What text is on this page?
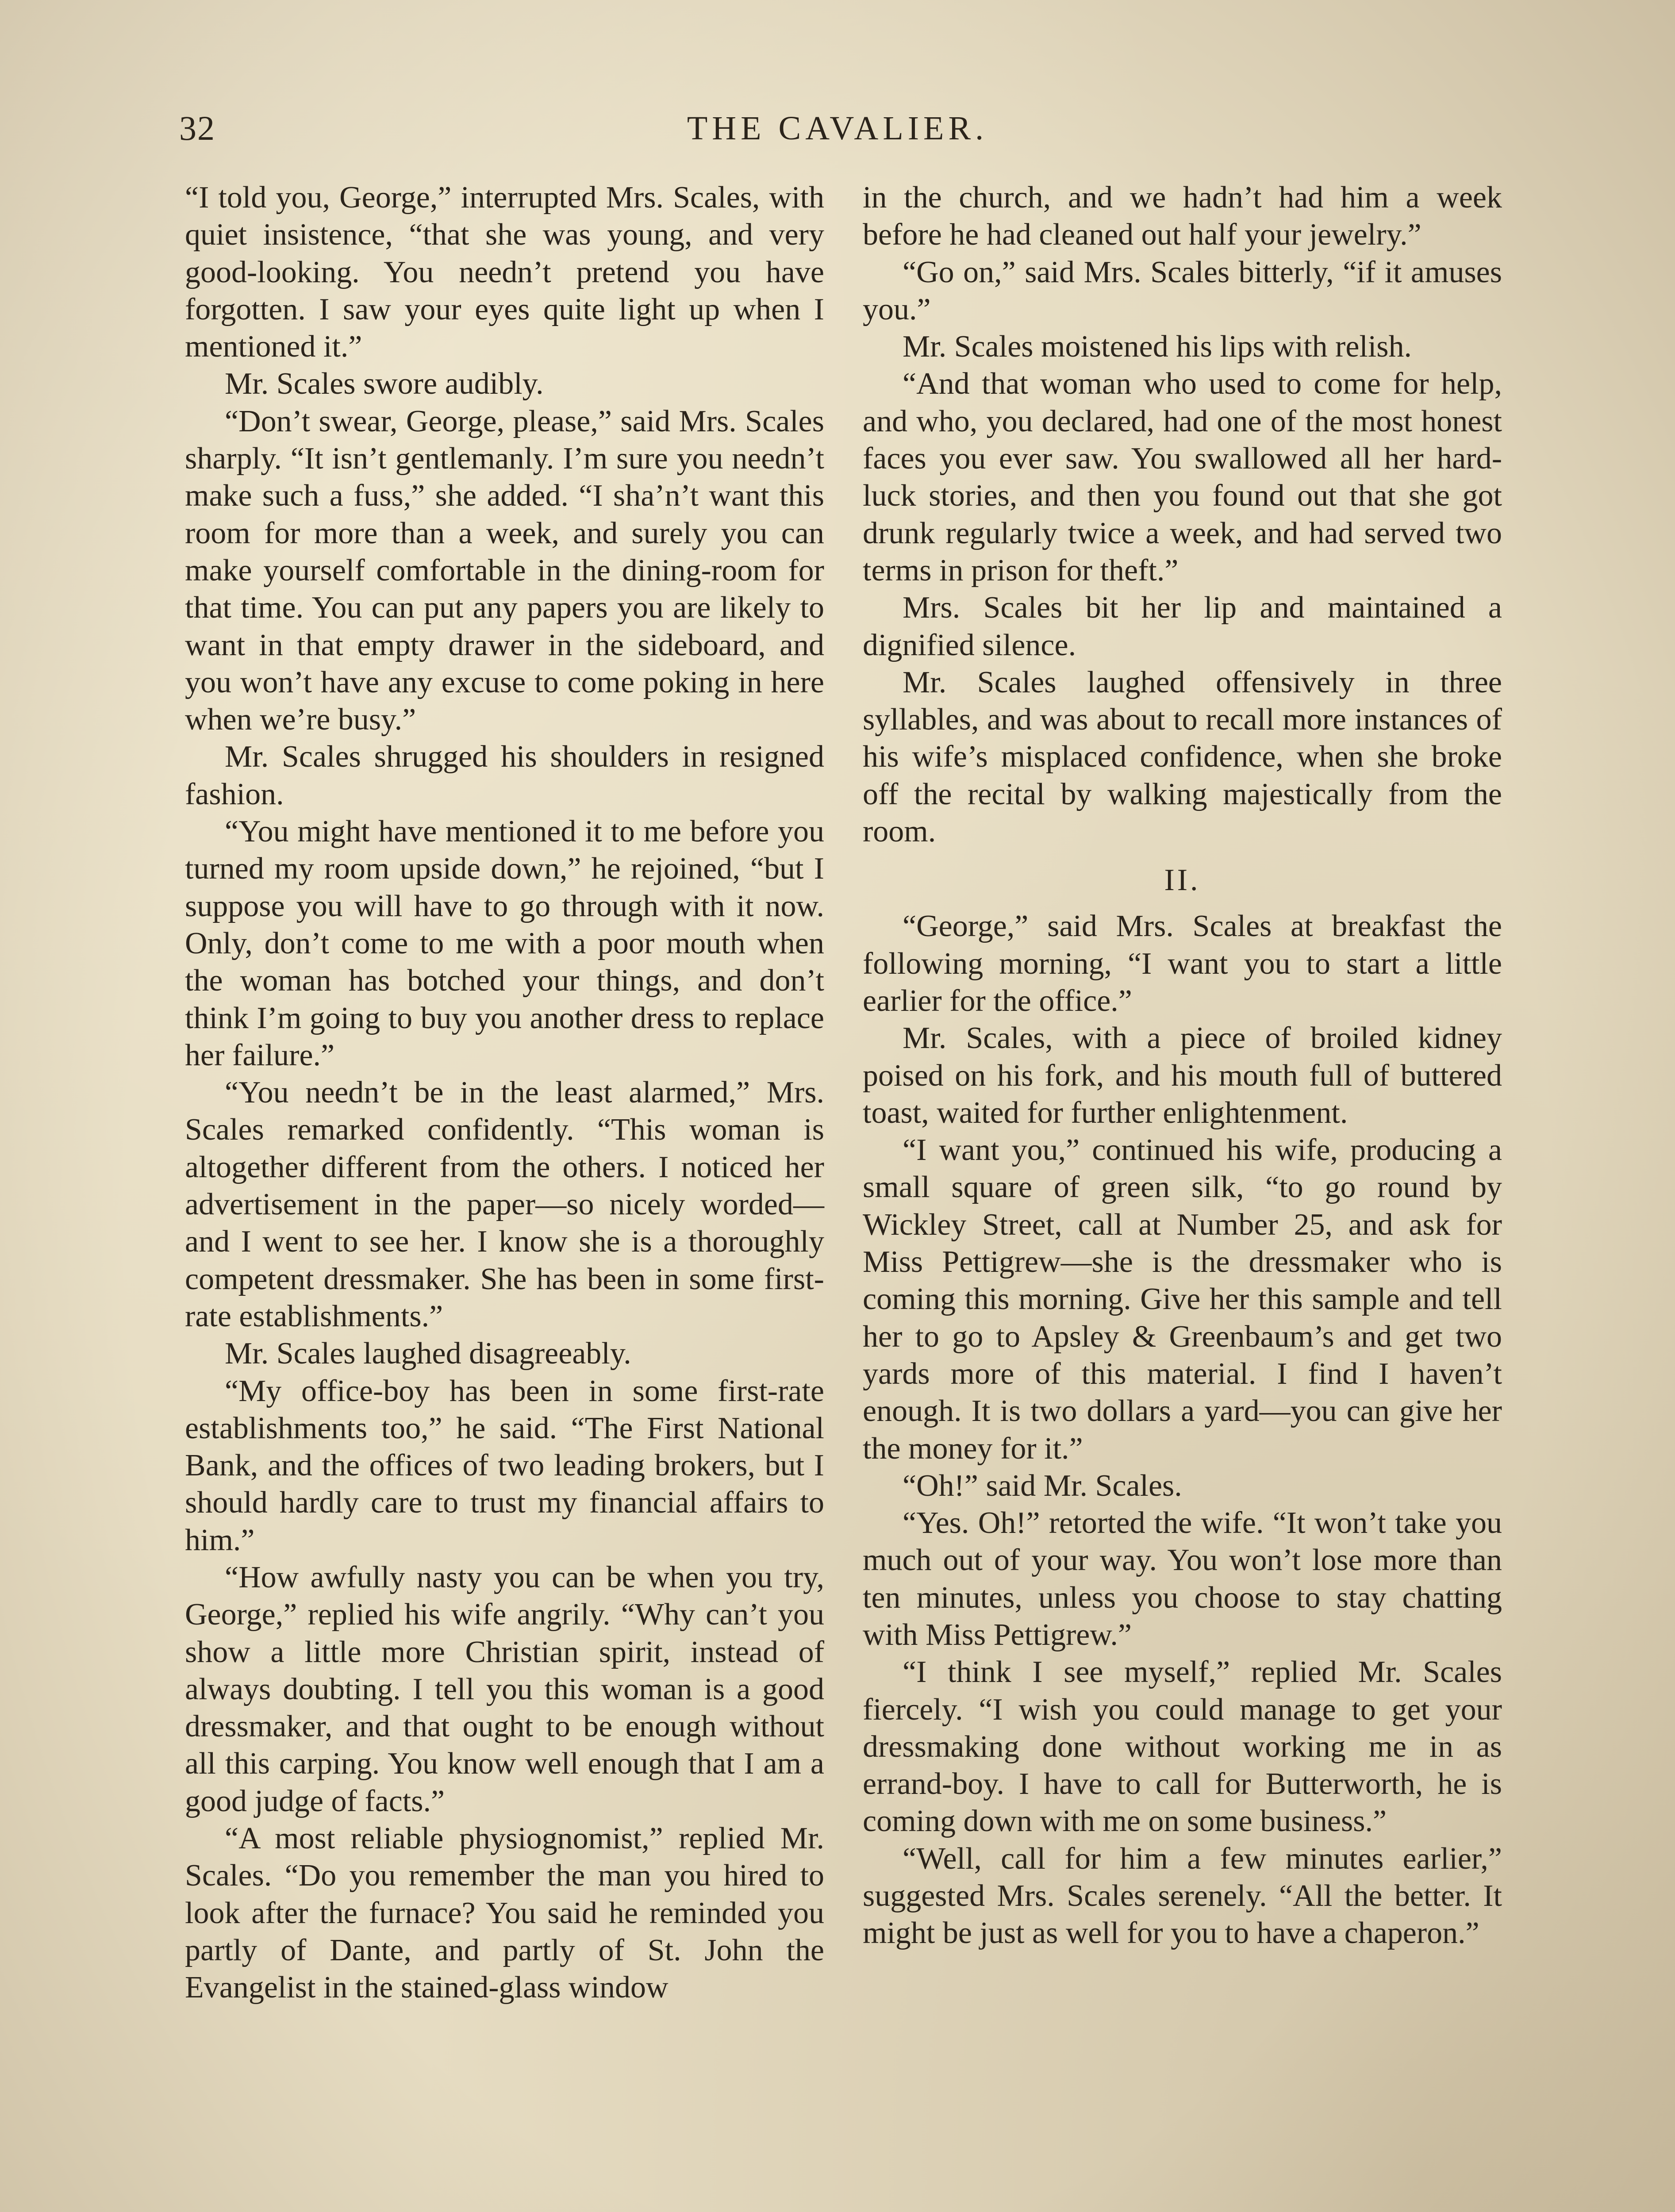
32	THE CAVALIER.

“I told you, George,” interrupted Mrs. Scales, with quiet insistence, “that she was young, and very good-looking. You needn’t pretend you have forgotten. I saw your eyes quite light up when I mentioned it.”

Mr. Scales swore audibly.

“Don’t swear, George, please,” said Mrs. Scales sharply. “It isn’t gentlemanly. I’m sure you needn’t make such a fuss,” she added. “I sha’n’t want this room for more than a week, and surely you can make yourself comfortable in the dining-room for that time. You can put any papers you are likely to want in that empty drawer in the sideboard, and you won’t have any excuse to come poking in here when we’re busy.”

Mr. Scales shrugged his shoulders in resigned fashion.

“You might have mentioned it to me before you turned my room upside down,” he rejoined, “but I suppose you will have to go through with it now. Only, don’t come to me with a poor mouth when the woman has botched your things, and don’t think I’m going to buy you another dress to replace her failure.”

“You needn’t be in the least alarmed,” Mrs. Scales remarked confidently. “This woman is altogether different from the others. I noticed her advertisement in the paper—so nicely worded—and I went to see her. I know she is a thoroughly competent dressmaker. She has been in some first-rate establishments.”

Mr. Scales laughed disagreeably.

“My office-boy has been in some first-rate establishments too,” he said. “The First National Bank, and the offices of two leading brokers, but I should hardly care to trust my financial affairs to him.”

“How awfully nasty you can be when you try, George,” replied his wife angrily. “Why can’t you show a little more Christian spirit, instead of always doubting. I tell you this woman is a good dressmaker, and that ought to be enough without all this carping. You know well enough that I am a good judge of facts.”

“A most reliable physiognomist,” replied Mr. Scales. “Do you remember the man you hired to look after the furnace? You said he reminded you partly of Dante, and partly of St. John the Evangelist in the stained-glass window

in the church, and we hadn’t had him a week before he had cleaned out half your jewelry.”

“Go on,” said Mrs. Scales bitterly, “if it amuses you.”

Mr. Scales moistened his lips with relish.

“And that woman who used to come for help, and who, you declared, had one of the most honest faces you ever saw. You swallowed all her hard-luck stories, and then you found out that she got drunk regularly twice a week, and had served two terms in prison for theft.”

Mrs. Scales bit her lip and maintained a dignified silence.

Mr. Scales laughed offensively in three syllables, and was about to recall more instances of his wife’s misplaced confidence, when she broke off the recital by walking majestically from the room.

II.

“George,” said Mrs. Scales at breakfast the following morning, “I want you to start a little earlier for the office.”

Mr. Scales, with a piece of broiled kidney poised on his fork, and his mouth full of buttered toast, waited for further enlightenment.

“I want you,” continued his wife, producing a small square of green silk, “to go round by Wickley Street, call at Number 25, and ask for Miss Pettigrew—she is the dressmaker who is coming this morning. Give her this sample and tell her to go to Apsley & Greenbaum’s and get two yards more of this material. I find I haven’t enough. It is two dollars a yard—you can give her the money for it.”

“Oh!” said Mr. Scales.

“Yes. Oh!” retorted the wife. “It won’t take you much out of your way. You won’t lose more than ten minutes, unless you choose to stay chatting with Miss Pettigrew.”

“I think I see myself,” replied Mr. Scales fiercely. “I wish you could manage to get your dressmaking done without working me in as errand-boy. I have to call for Butterworth, he is coming down with me on some business.”

“Well, call for him a few minutes earlier,” suggested Mrs. Scales serenely. “All the better. It might be just as well for you to have a chaperon.”
